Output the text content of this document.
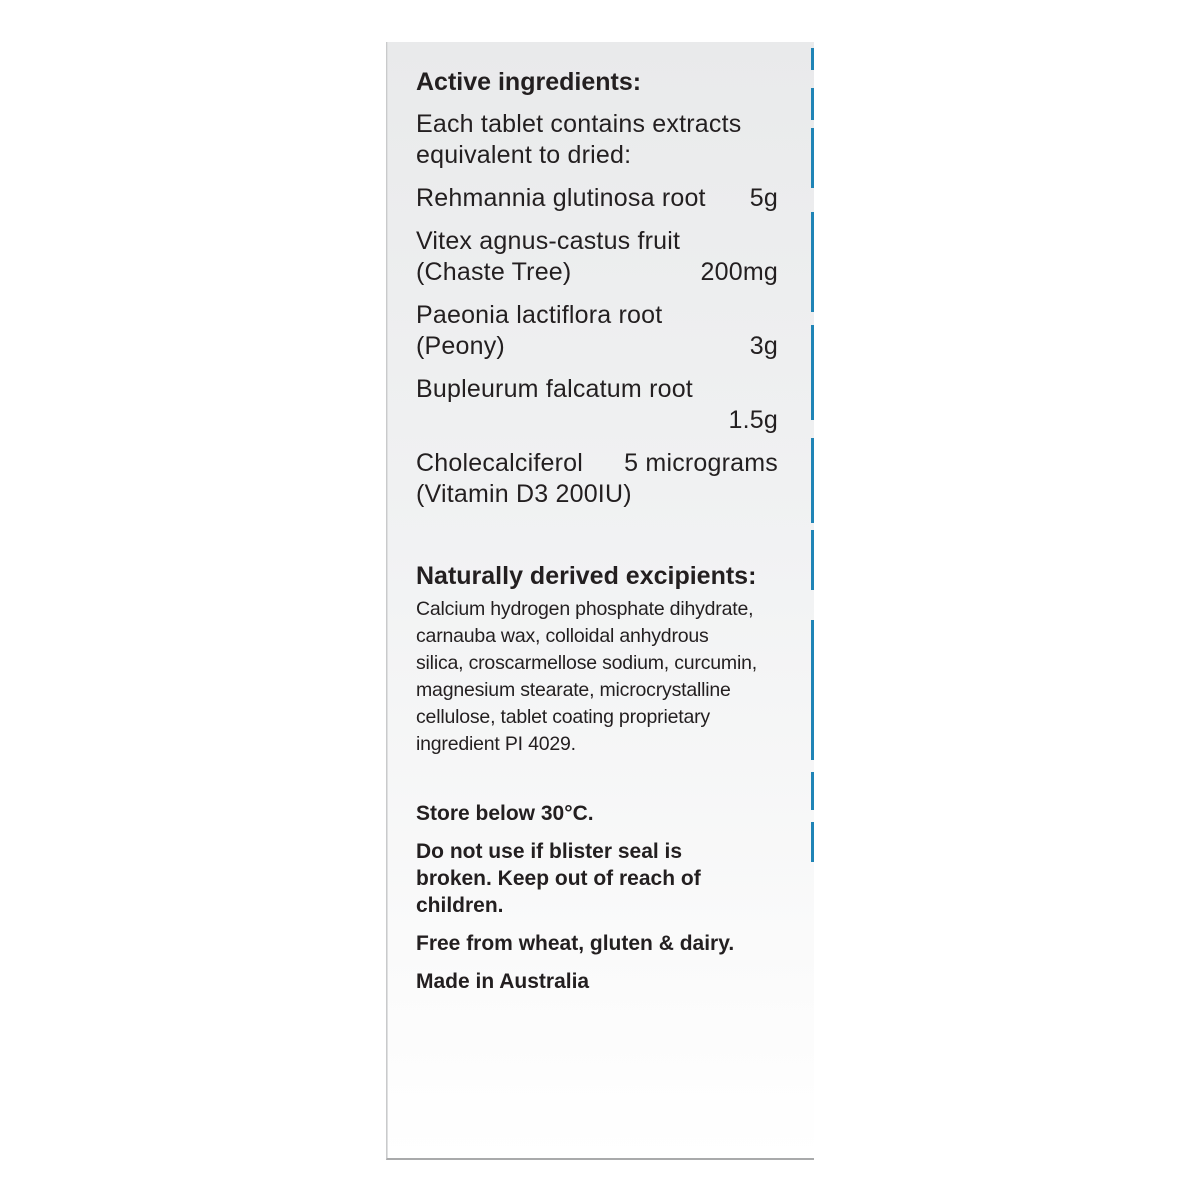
Active ingredients:

Each tablet contains extracts
equivalent to dried:
Rehmannia glutinosa root 5g
Vitex agnus-castus fruit
(Chaste Tree)	200mg
Paeonia lactiflora root
(Peony)	3g
Bupleurum falcatum root
1.5g
Cholecalciferol 5 micrograms
(Vitamin D3 200IU)

Naturally derived excipients:

Calcium hydrogen phosphate dihydrate,
carnauba wax, colloidal anhydrous
silica, croscarmellose sodium, curcumin,
magnesium stearate, microcrystalline
cellulose, tablet coating proprietary
ingredient PI 4029.
Store below 30°C.
Do not use if blister seal is
broken. Keep out of reach of
children.
Free from wheat, gluten & dairy.
Made in Australia
